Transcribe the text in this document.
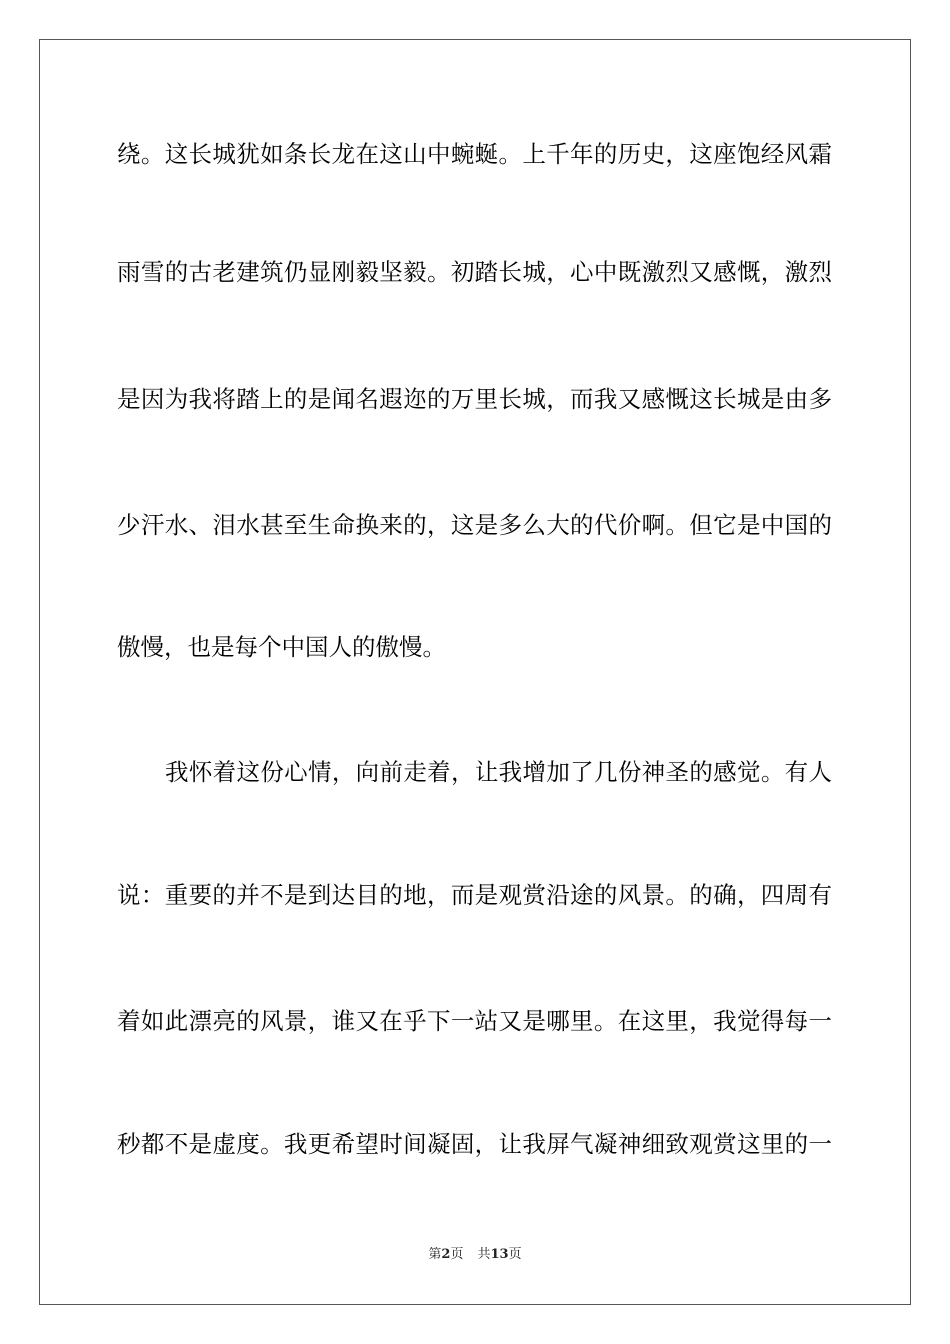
绕。这长城犹如条长龙在这山中蜿蜒。上千年的历史，这座饱经风霜
雨雪的古老建筑仍显刚毅坚毅。初踏长城，心中既激烈又感慨，激烈
是因为我将踏上的是闻名遐迩的万里长城，而我又感慨这长城是由多
少汗水、泪水甚至生命换来的，这是多么大的代价啊。但它是中国的
傲慢，也是每个中国人的傲慢。
我怀着这份心情，向前走着，让我增加了几份神圣的感觉。有人
说：重要的并不是到达目的地，而是观赏沿途的风景。的确，四周有
着如此漂亮的风景，谁又在乎下一站又是哪里。在这里，我觉得每一
秒都不是虚度。我更希望时间凝固，让我屏气凝神细致观赏这里的一
第2页 共13页
